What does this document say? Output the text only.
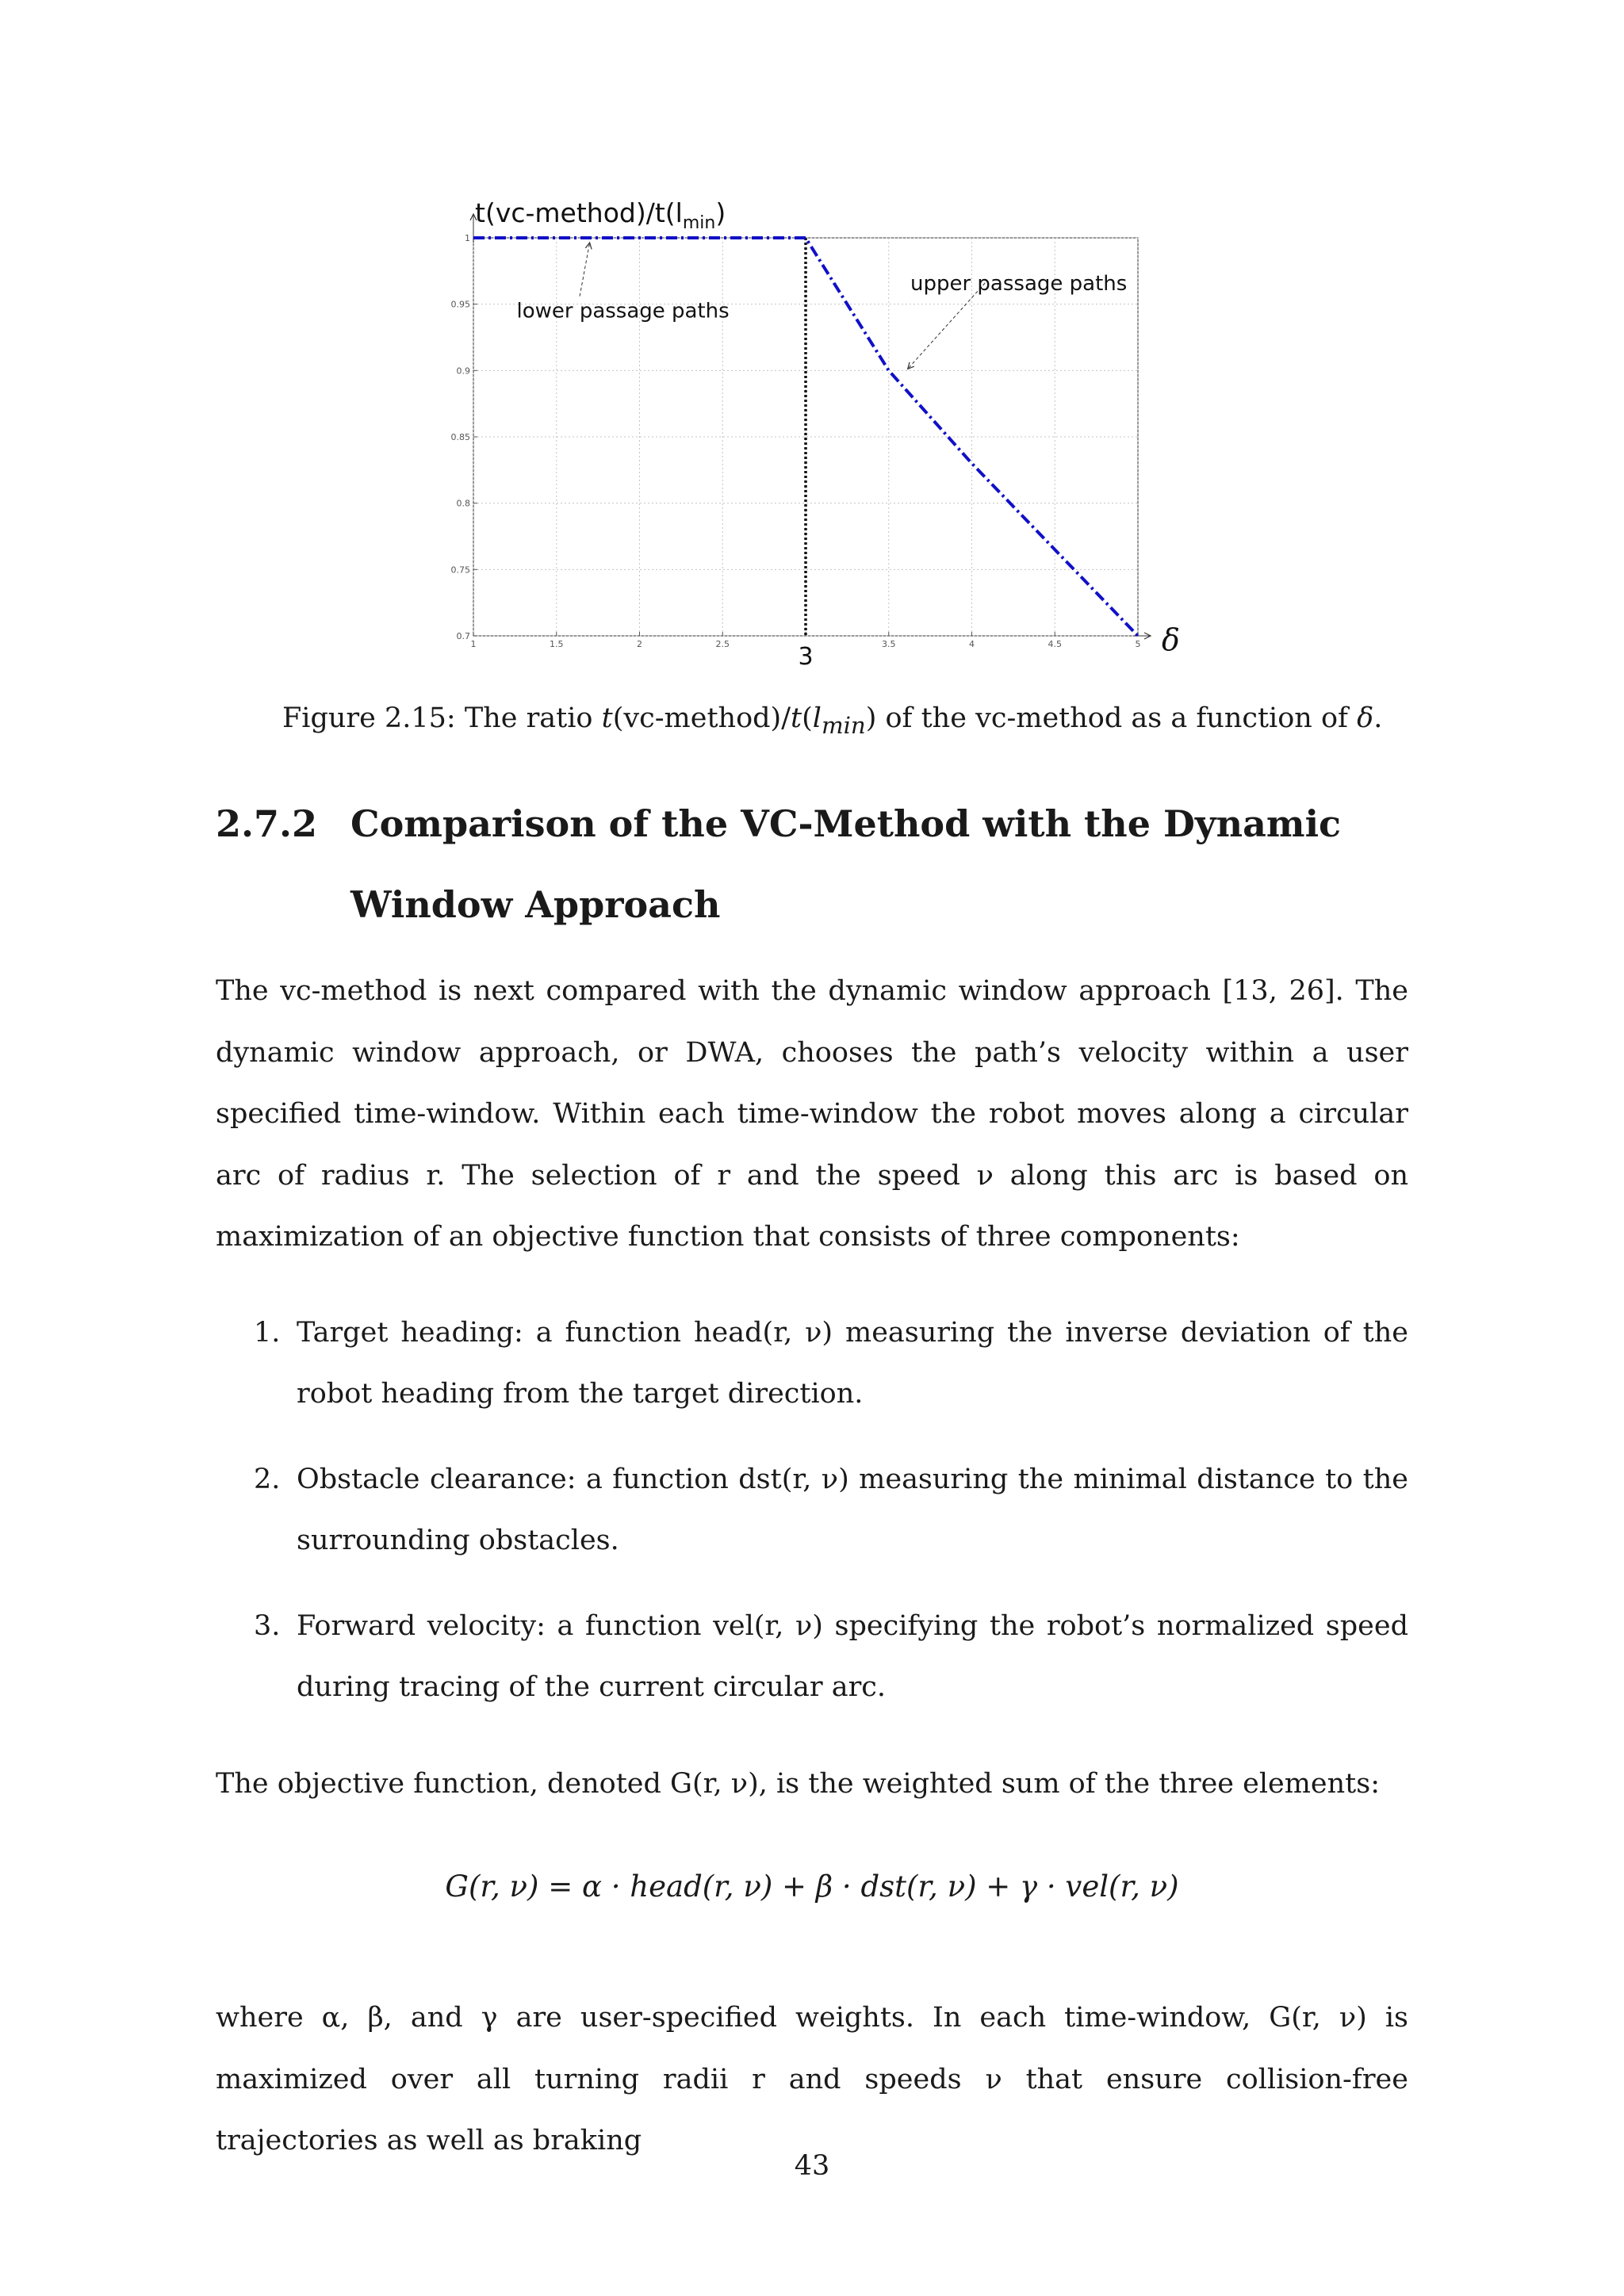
1	1.5	2	2.5	3.5	4	4.5	5
0.7
0.75
0.8
0.85
0.9
0.95
1
3
$t(vc-method)/t(l_{min})$
δ
lower passage paths
upper passage paths
Figure 2.15: The ratio $t(vc-method)/t(l_{min})$ of the vc-method as a function of δ.
2.7.2 Comparison of the VC-Method with the Dynamic Window Approach
The vc-method is next compared with the dynamic window approach [13, 26]. The dynamic window approach, or DWA, chooses the path’s velocity within a user specified time-window. Within each time-window the robot moves along a circular arc of radius r. The selection of r and the speed ν along this arc is based on maximization of an objective function that consists of three components:
1. Target heading: a function head(r, ν) measuring the inverse deviation of the robot heading from the target direction.
2. Obstacle clearance: a function dst(r, ν) measuring the minimal distance to the surrounding obstacles.
3. Forward velocity: a function vel(r, ν) specifying the robot’s normalized speed during tracing of the current circular arc.
The objective function, denoted G(r, ν), is the weighted sum of the three elements:
G(r, ν) = α · head(r, ν) + β · dst(r, ν) + γ · vel(r, ν)
where α, β, and γ are user-specified weights. In each time-window, G(r, ν) is maximized over all turning radii r and speeds ν that ensure collision-free trajectories as well as braking
43
